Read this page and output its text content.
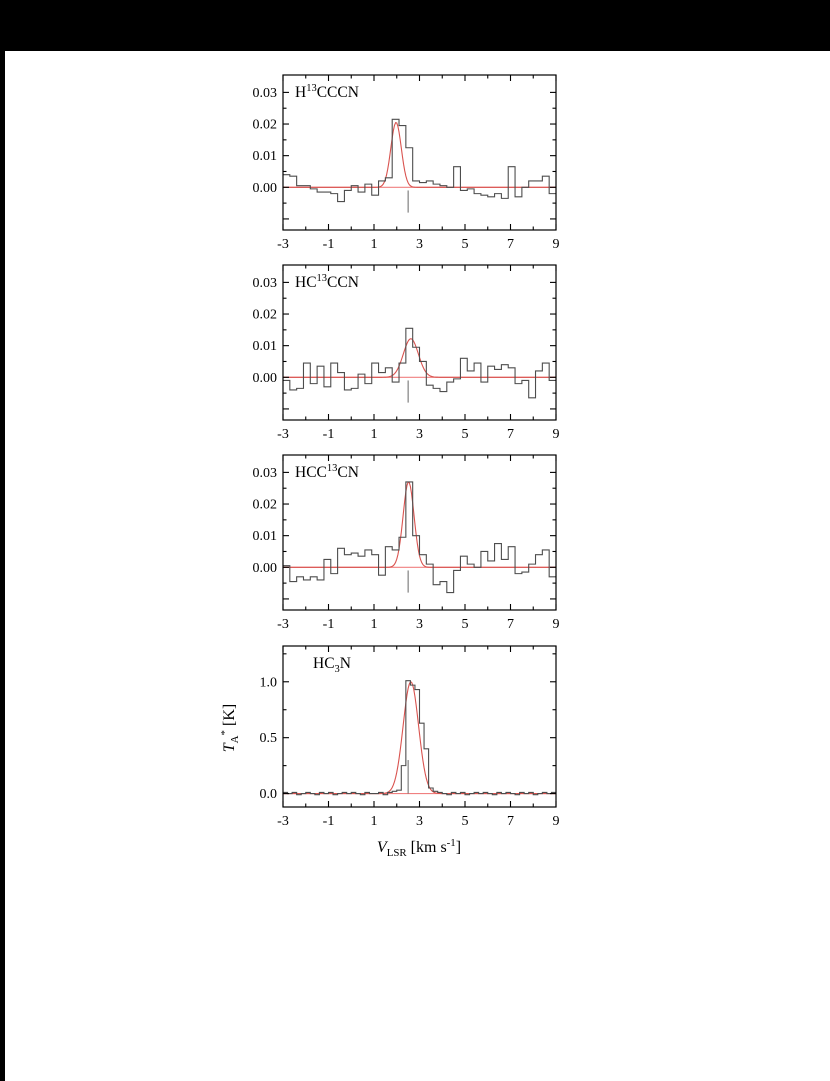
-3 -1	1	3	5	7	9
0.00
0.01
0.02
0.03 $H^{13}CCCN$
-3 -1	1	3	5	7	9
0.00
0.01
0.02
0.03 HC$^{13}$CCN
-3 -1	1	3	5	7	9
0.00
0.01
0.02
0.03 HCC$^{13}$CN
-3 -1	1	3	5	7	9
0.0
0.5
1.0
$HC_3N$
$V_{LSR}$ [km $s^{-1}$]
$T_A^*$ [K]
